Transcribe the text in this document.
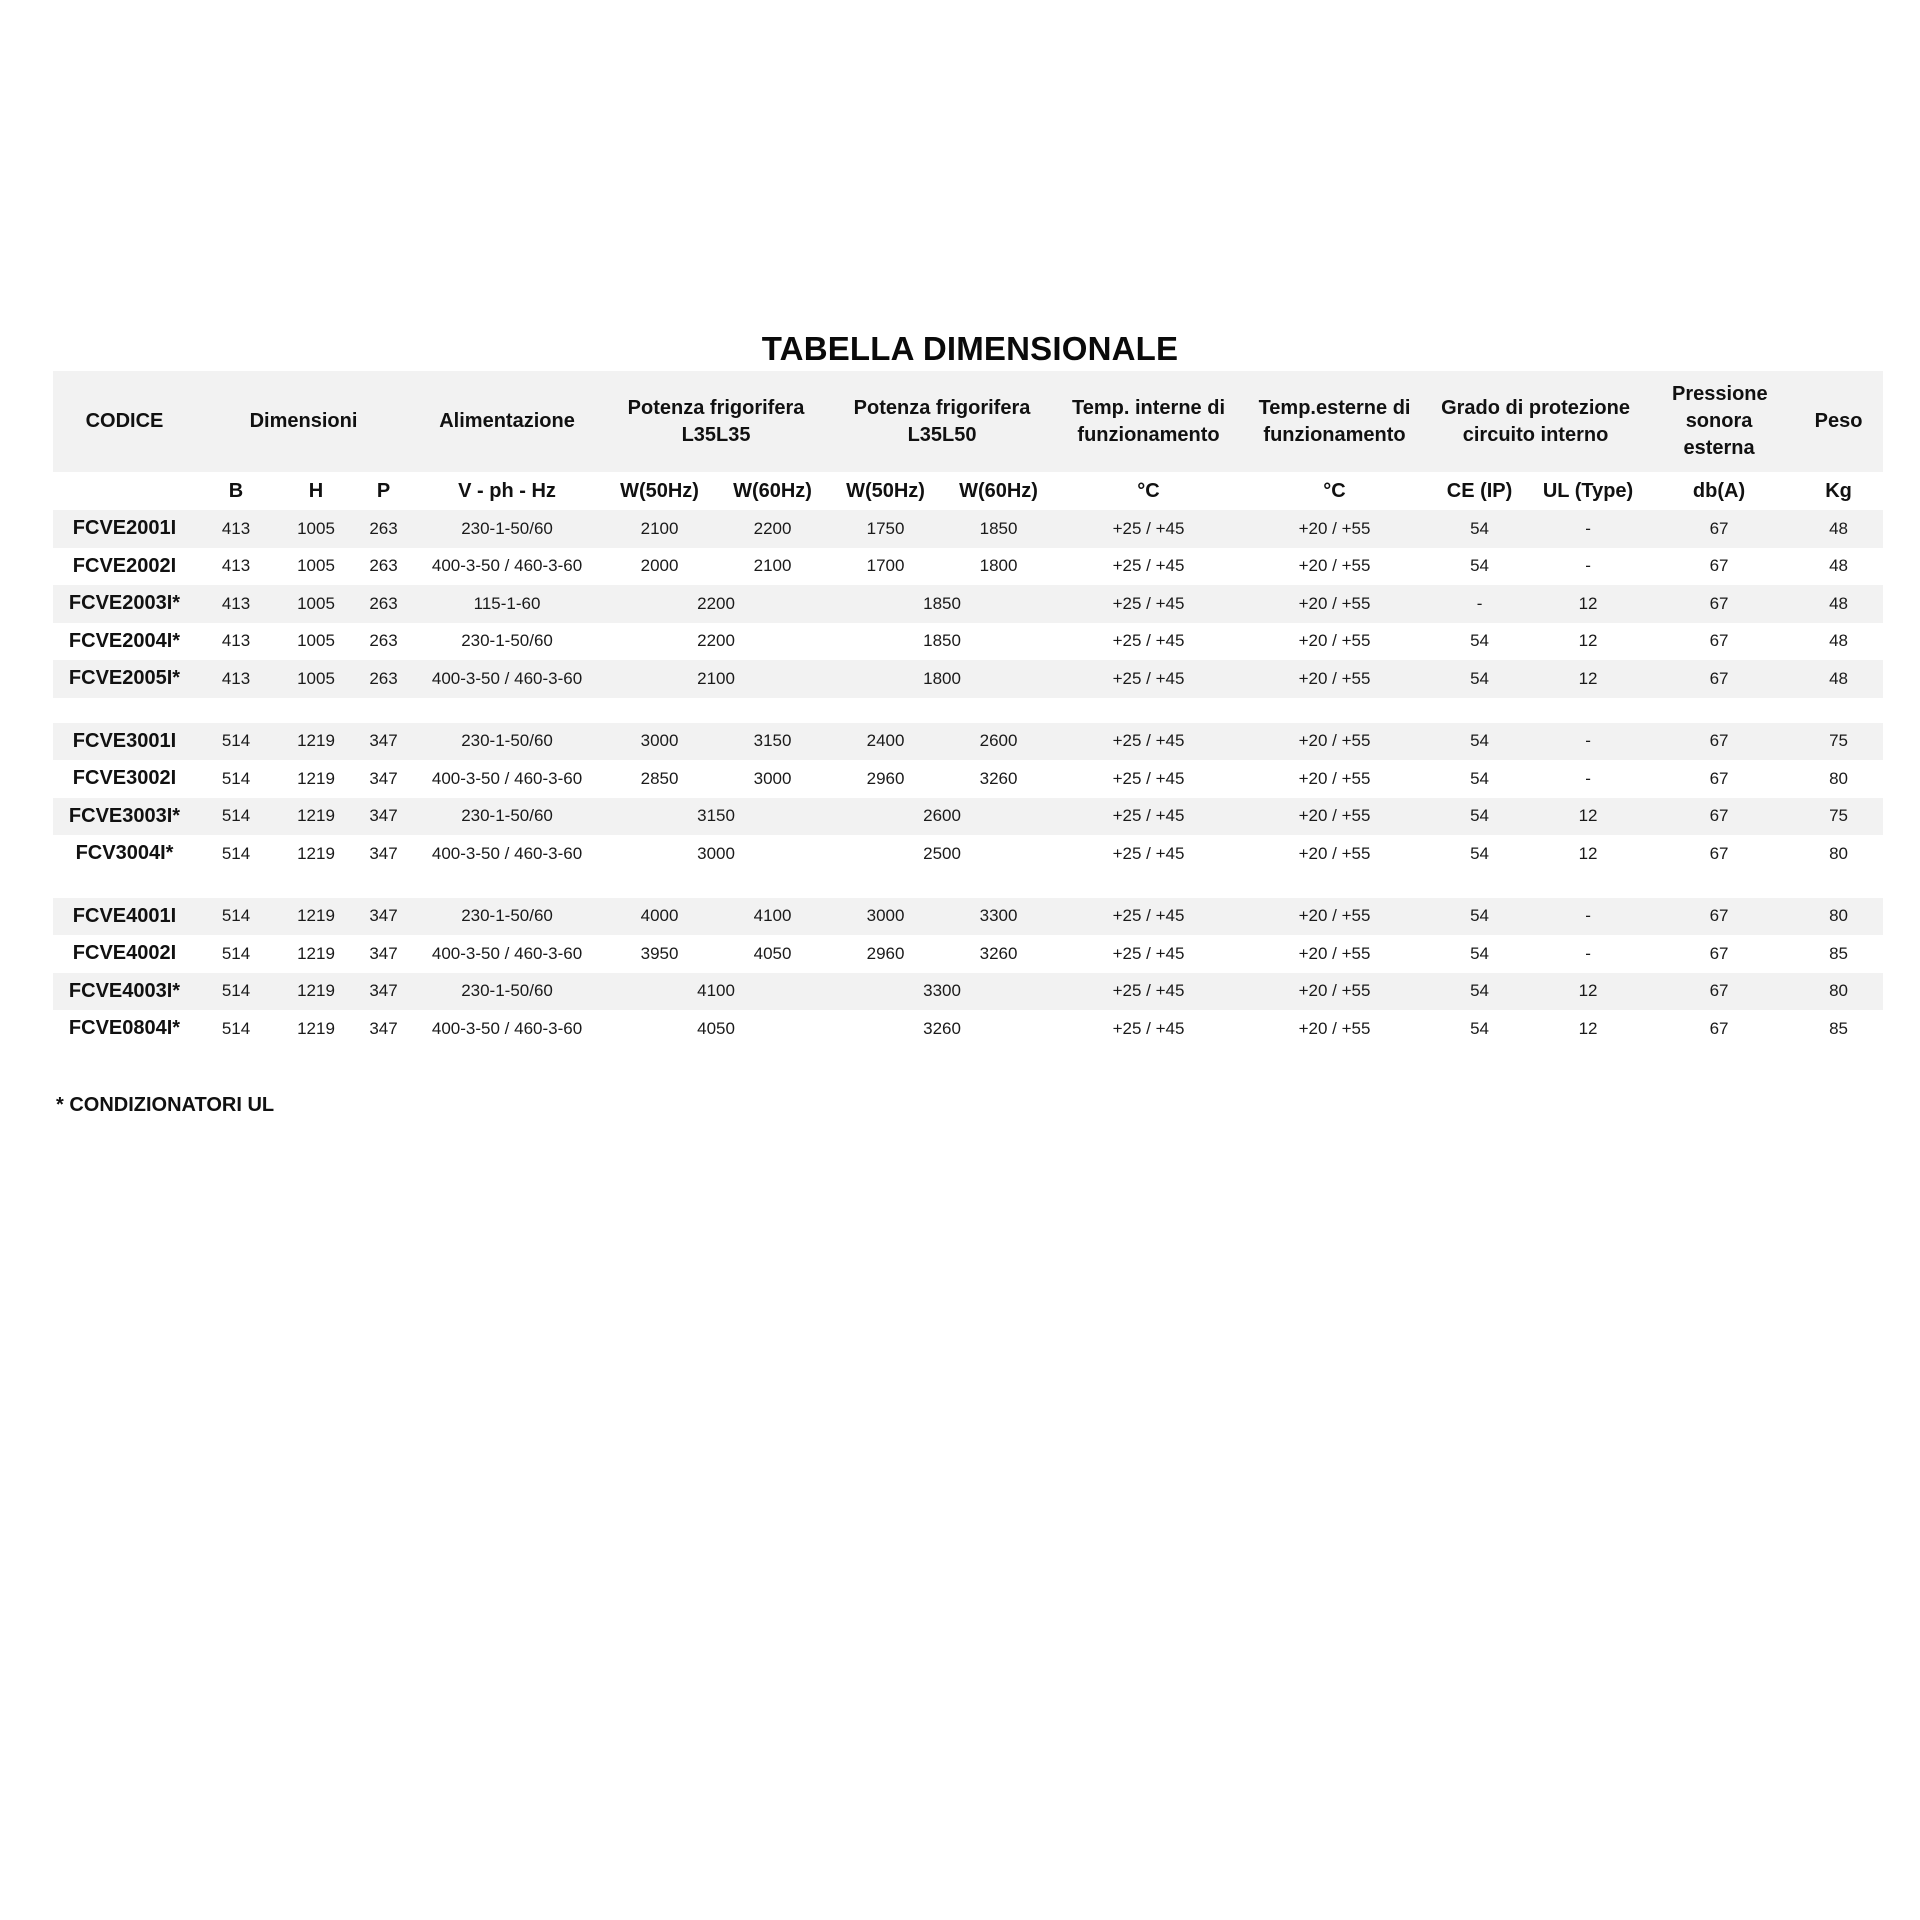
TABELLA DIMENSIONALE
CODICE	Dimensioni			Alimentazione	Potenza frigorifera L35L35		Potenza frigorifera L35L50		Temp. interne di funzionamento	Temp.esterne di funzionamento	Grado di protezione circuito interno		Pressione sonora esterna	Peso
	B	H	P	V - ph - Hz	W(50Hz)	W(60Hz)	W(50Hz)	W(60Hz)	°C	°C	CE (IP)	UL (Type)	db(A)	Kg
FCVE2001I	413	1005	263	230-1-50/60	2100	2200	1750	1850	+25 / +45	+20 / +55	54	-	67	48
FCVE2002I	413	1005	263	400-3-50 / 460-3-60	2000	2100	1700	1800	+25 / +45	+20 / +55	54	-	67	48
FCVE2003I*	413	1005	263	115-1-60	2200		1850		+25 / +45	+20 / +55	-	12	67	48
FCVE2004I*	413	1005	263	230-1-50/60	2200		1850		+25 / +45	+20 / +55	54	12	67	48
FCVE2005I*	413	1005	263	400-3-50 / 460-3-60	2100		1800		+25 / +45	+20 / +55	54	12	67	48

FCVE3001I	514	1219	347	230-1-50/60	3000	3150	2400	2600	+25 / +45	+20 / +55	54	-	67	75
FCVE3002I	514	1219	347	400-3-50 / 460-3-60	2850	3000	2960	3260	+25 / +45	+20 / +55	54	-	67	80
FCVE3003I*	514	1219	347	230-1-50/60	3150		2600		+25 / +45	+20 / +55	54	12	67	75
FCV3004I*	514	1219	347	400-3-50 / 460-3-60	3000		2500		+25 / +45	+20 / +55	54	12	67	80

FCVE4001I	514	1219	347	230-1-50/60	4000	4100	3000	3300	+25 / +45	+20 / +55	54	-	67	80
FCVE4002I	514	1219	347	400-3-50 / 460-3-60	3950	4050	2960	3260	+25 / +45	+20 / +55	54	-	67	85
FCVE4003I*	514	1219	347	230-1-50/60	4100		3300		+25 / +45	+20 / +55	54	12	67	80
FCVE0804I*	514	1219	347	400-3-50 / 460-3-60	4050		3260		+25 / +45	+20 / +55	54	12	67	85
* CONDIZIONATORI UL
